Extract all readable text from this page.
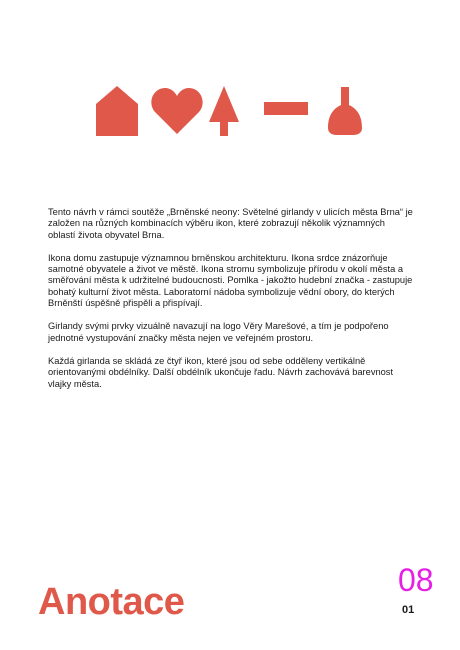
Tento návrh v rámci soutěže „Brněnské neony: Světelné girlandy v ulicích města Brna“ je založen na různých kombinacích výběru ikon, které zobrazují několik významných oblastí života obyvatel Brna.

Ikona domu zastupuje významnou brněnskou architekturu. Ikona srdce znázorňuje samotné obyvatele a život ve městě. Ikona stromu symbolizuje přírodu v okolí města a směřování města k udržitelné budoucnosti. Pomlka - jakožto hudební značka - zastupuje bohatý kulturní život města. Laboratorní nádoba symbolizuje vědní obory, do kterých Brněnští úspěšně přispěli a přispívají.

Girlandy svými prvky vizuálně navazují na logo Věry Marešové, a tím je podpořeno jednotné vystupování značky města nejen ve veřejném prostoru.

Každá girlanda se skládá ze čtyř ikon, které jsou od sebe odděleny vertikálně orientovanými obdélníky. Další obdélník ukončuje řadu. Návrh zachovává barevnost vlajky města.

Anotace
08
01
